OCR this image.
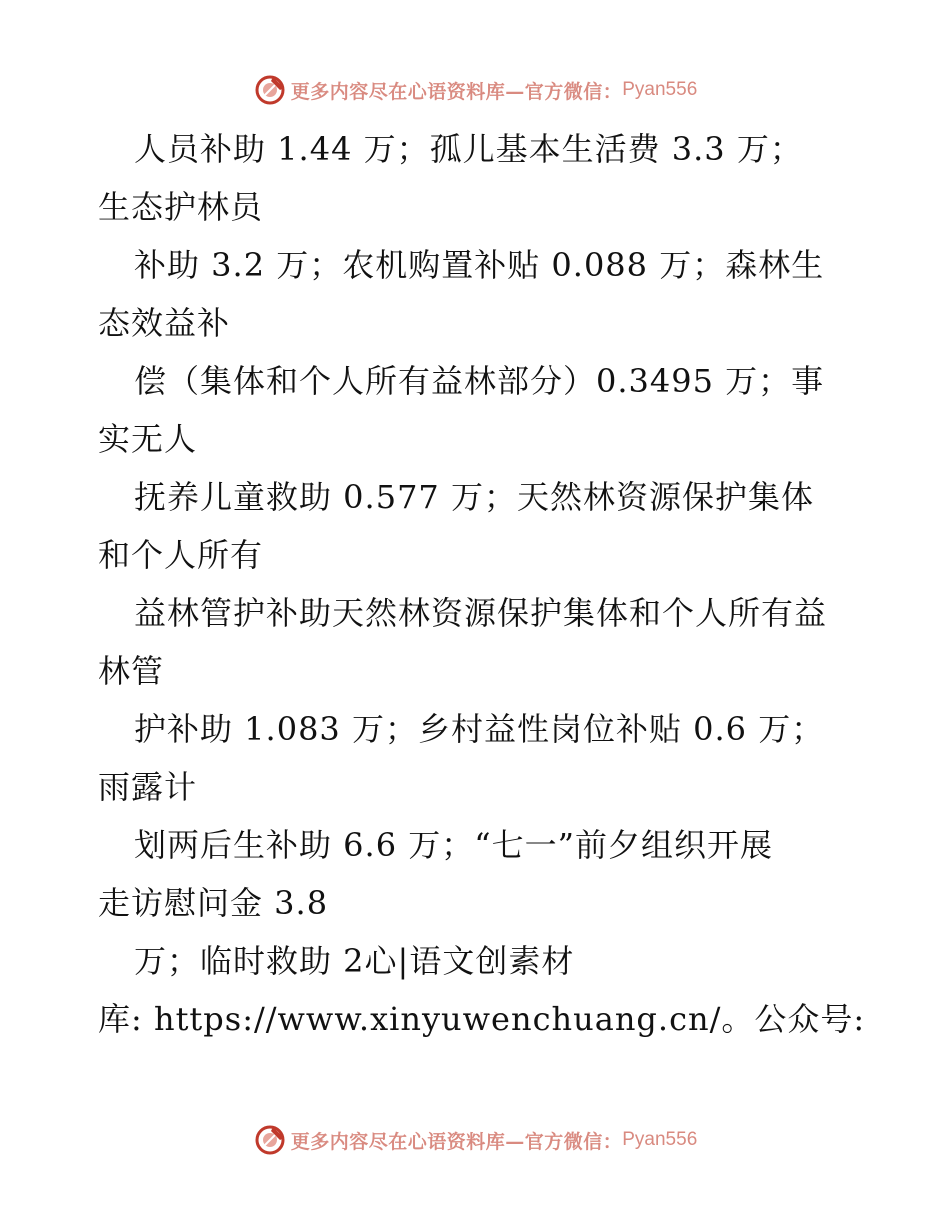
更多内容尽在心语资料库—官方微信： Pyan556
人员补助 1.44 万；孤儿基本生活费 3.3 万；
生态护林员
补助 3.2 万；农机购置补贴 0.088 万；森林生
态效益补
偿（集体和个人所有益林部分）0.3495 万；事
实无人
抚养儿童救助 0.577 万；天然林资源保护集体
和个人所有
益林管护补助天然林资源保护集体和个人所有益
林管
护补助 1.083 万；乡村益性岗位补贴 0.6 万；
雨露计
划两后生补助 6.6 万；“七一”前夕组织开展
走访慰问金 3.8
万；临时救助 2心|语文创素材
库: https://www.xinyuwenchuang.cn/。公众号:
更多内容尽在心语资料库—官方微信： Pyan556
